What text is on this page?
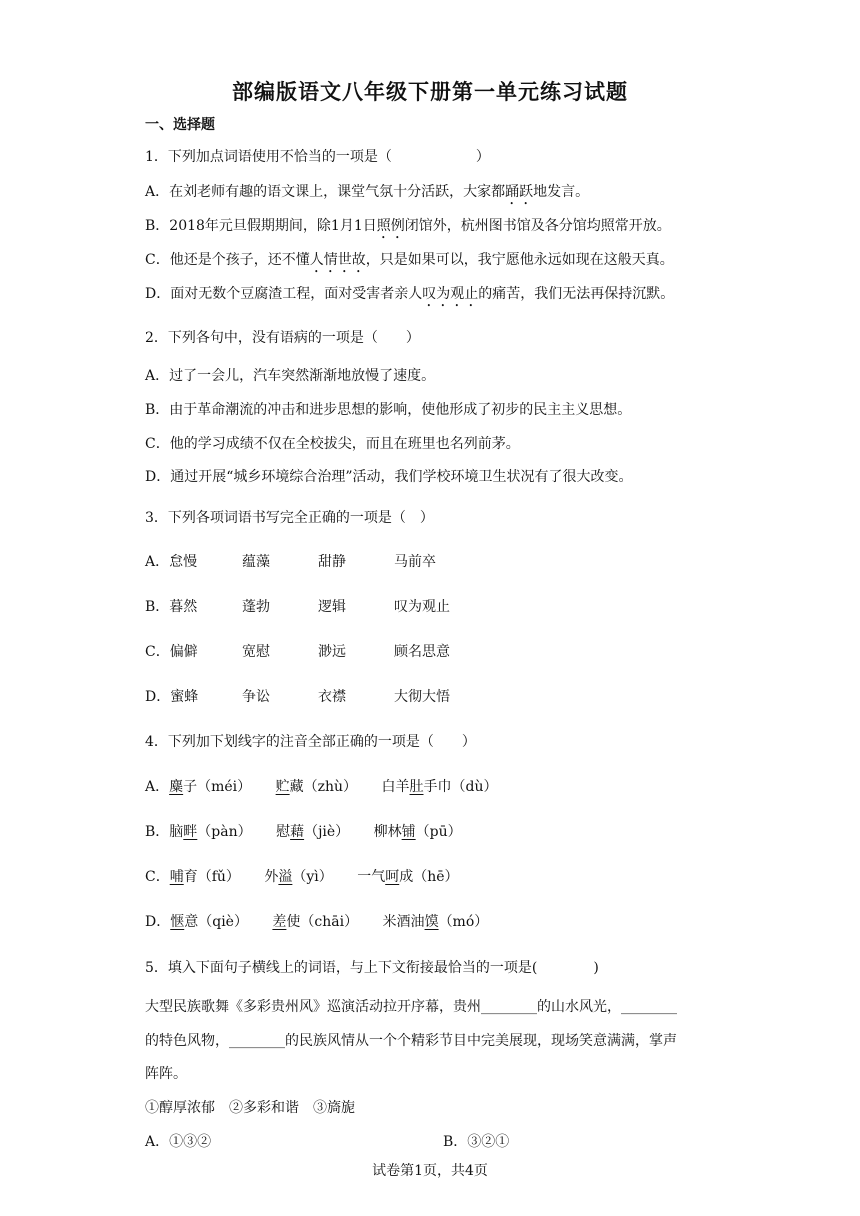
部编版语文八年级下册第一单元练习试题
一、选择题
1．下列加点词语使用不恰当的一项是（　　　　　　）
A．在刘老师有趣的语文课上，课堂气氛十分活跃，大家都踊跃地发言。
B．2018年元旦假期期间，除1月1日照例闭馆外，杭州图书馆及各分馆均照常开放。
C．他还是个孩子，还不懂人情世故，只是如果可以，我宁愿他永远如现在这般天真。
D．面对无数个豆腐渣工程，面对受害者亲人叹为观止的痛苦，我们无法再保持沉默。
2．下列各句中，没有语病的一项是（　　）
A．过了一会儿，汽车突然渐渐地放慢了速度。
B．由于革命潮流的冲击和进步思想的影响，使他形成了初步的民主主义思想。
C．他的学习成绩不仅在全校拔尖，而且在班里也名列前茅。
D．通过开展“城乡环境综合治理”活动，我们学校环境卫生状况有了很大改变。
3．下列各项词语书写完全正确的一项是（　）
A．怠慢	蕴藻	甜静	马前卒
B．暮然	蓬勃	逻辑	叹为观止
C．偏僻	宽慰	渺远	顾名思意
D．蜜蜂	争讼	衣襟	大彻大悟
4．下列加下划线字的注音全部正确的一项是（　　）
A．麋子（méi） 贮藏（zhù） 白羊肚手巾（dù）
B．脑畔（pàn） 慰藉（jiè） 柳林铺（pū）
C．哺育（fǔ） 外溢（yì） 一气呵成（hē）
D．惬意（qiè） 差使（chāi） 米酒油馍（mó）
5．填入下面句子横线上的词语，与上下文衔接最恰当的一项是(　　　　)
大型民族歌舞《多彩贵州风》巡演活动拉开序幕，贵州________的山水风光，________
的特色风物，________的民族风情从一个个精彩节目中完美展现，现场笑意满满，掌声
阵阵。
①醇厚浓郁　②多彩和谐　③旖旎
A．①③②	B．③②①
试卷第1页，共4页
